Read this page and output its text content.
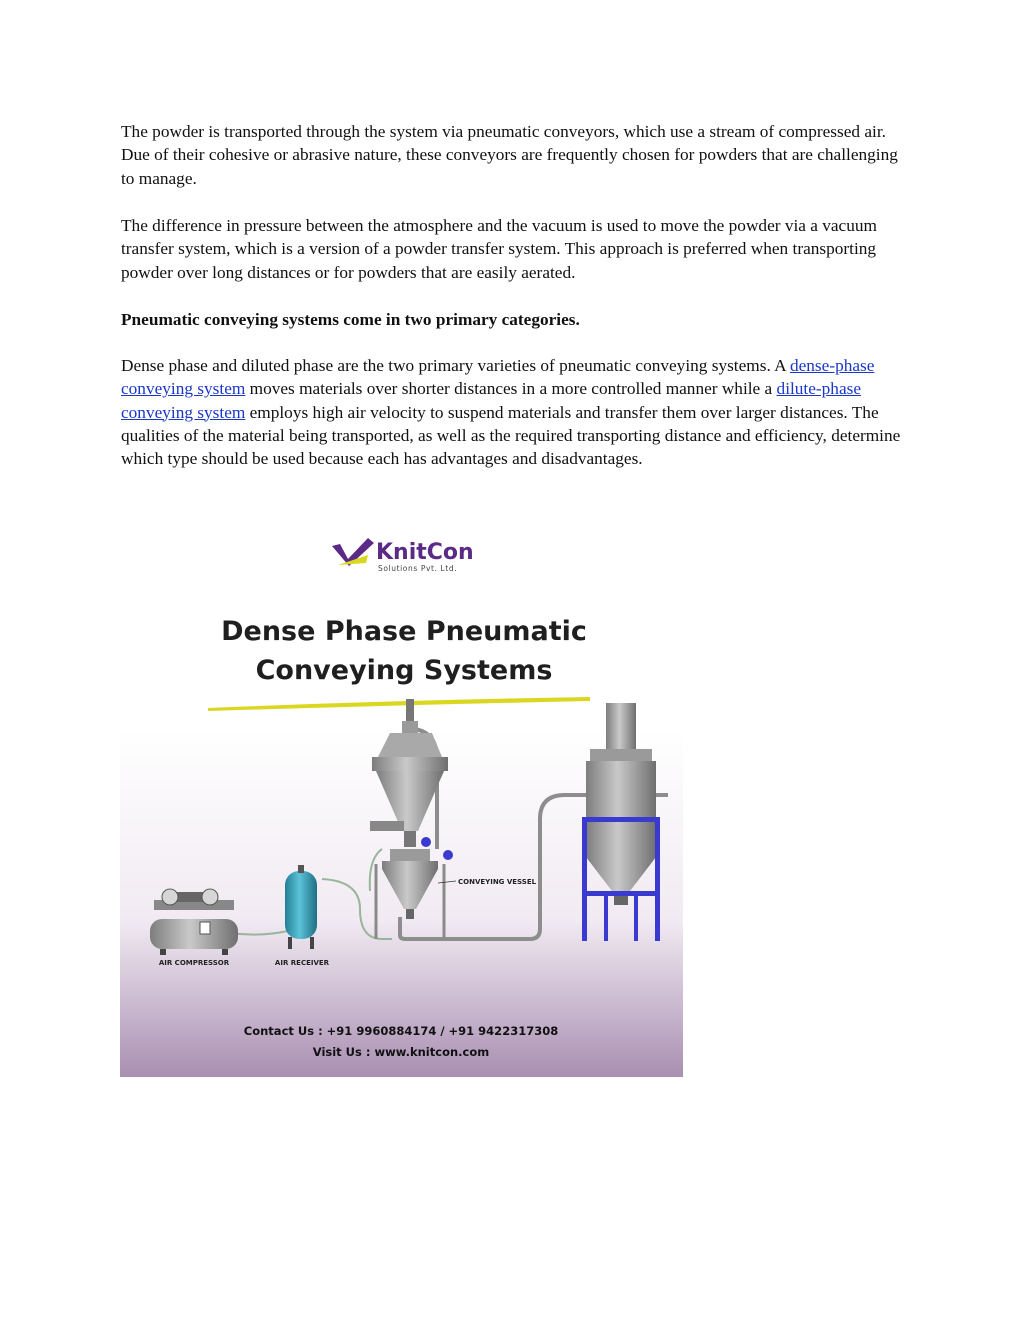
The powder is transported through the system via pneumatic conveyors, which use a stream of compressed air. Due of their cohesive or abrasive nature, these conveyors are frequently chosen for powders that are challenging to manage.

The difference in pressure between the atmosphere and the vacuum is used to move the powder via a vacuum transfer system, which is a version of a powder transfer system. This approach is preferred when transporting powder over long distances or for powders that are easily aerated.

Pneumatic conveying systems come in two primary categories.

Dense phase and diluted phase are the two primary varieties of pneumatic conveying systems. A dense-phase conveying system moves materials over shorter distances in a more controlled manner while a dilute-phase conveying system employs high air velocity to suspend materials and transfer them over larger distances. The qualities of the material being transported, as well as the required transporting distance and efficiency, determine which type should be used because each has advantages and disadvantages.

KnitCon
Solutions Pvt. Ltd.
Dense Phase Pneumatic
Conveying Systems
AIR COMPRESSOR	AIR RECEIVER
CONVEYING VESSEL
Contact Us : +91 9960884174 / +91 9422317308
Visit Us : www.knitcon.com
